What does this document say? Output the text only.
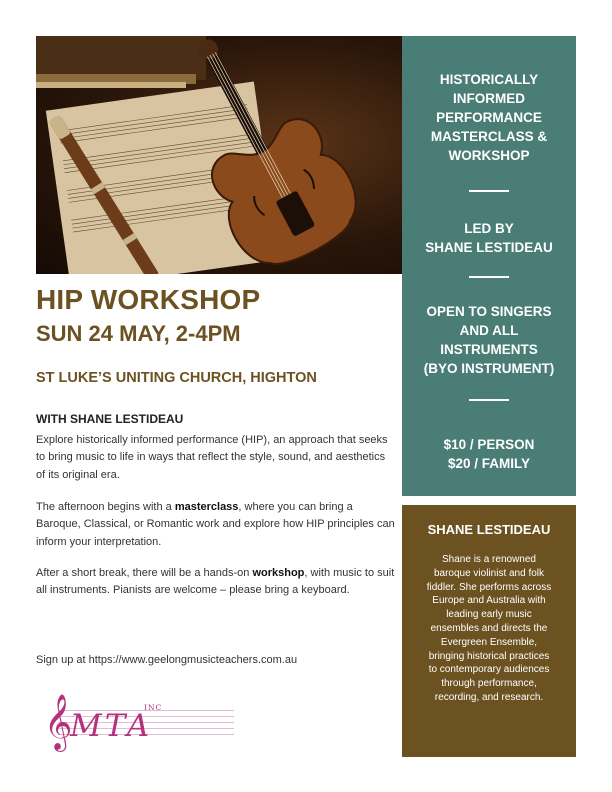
HISTORICALLY
INFORMED
PERFORMANCE
MASTERCLASS &
WORKSHOP
LED BY
SHANE LESTIDEAU
OPEN TO SINGERS
AND ALL
INSTRUMENTS
(BYO INSTRUMENT)
$10 / PERSON
$20 / FAMILY
SHANE LESTIDEAU
Shane is a renowned
baroque violinist and folk
fiddler. She performs across
Europe and Australia with
leading early music
ensembles and directs the
Evergreen Ensemble,
bringing historical practices
to contemporary audiences
through performance,
recording, and research.
HIP WORKSHOP
SUN 24 MAY, 2-4PM
ST LUKE’S UNITING CHURCH, HIGHTON
WITH SHANE LESTIDEAU
Explore historically informed performance (HIP), an approach that seeks to bring music to life in ways that reflect the style, sound, and aesthetics of its original era.
The afternoon begins with a masterclass, where you can bring a Baroque, Classical, or Romantic work and explore how HIP principles can inform your interpretation.
After a short break, there will be a hands-on workshop, with music to suit all instruments. Pianists are welcome – please bring a keyboard.
Sign up at https://www.geelongmusicteachers.com.au
𝄞
MTA
INC
